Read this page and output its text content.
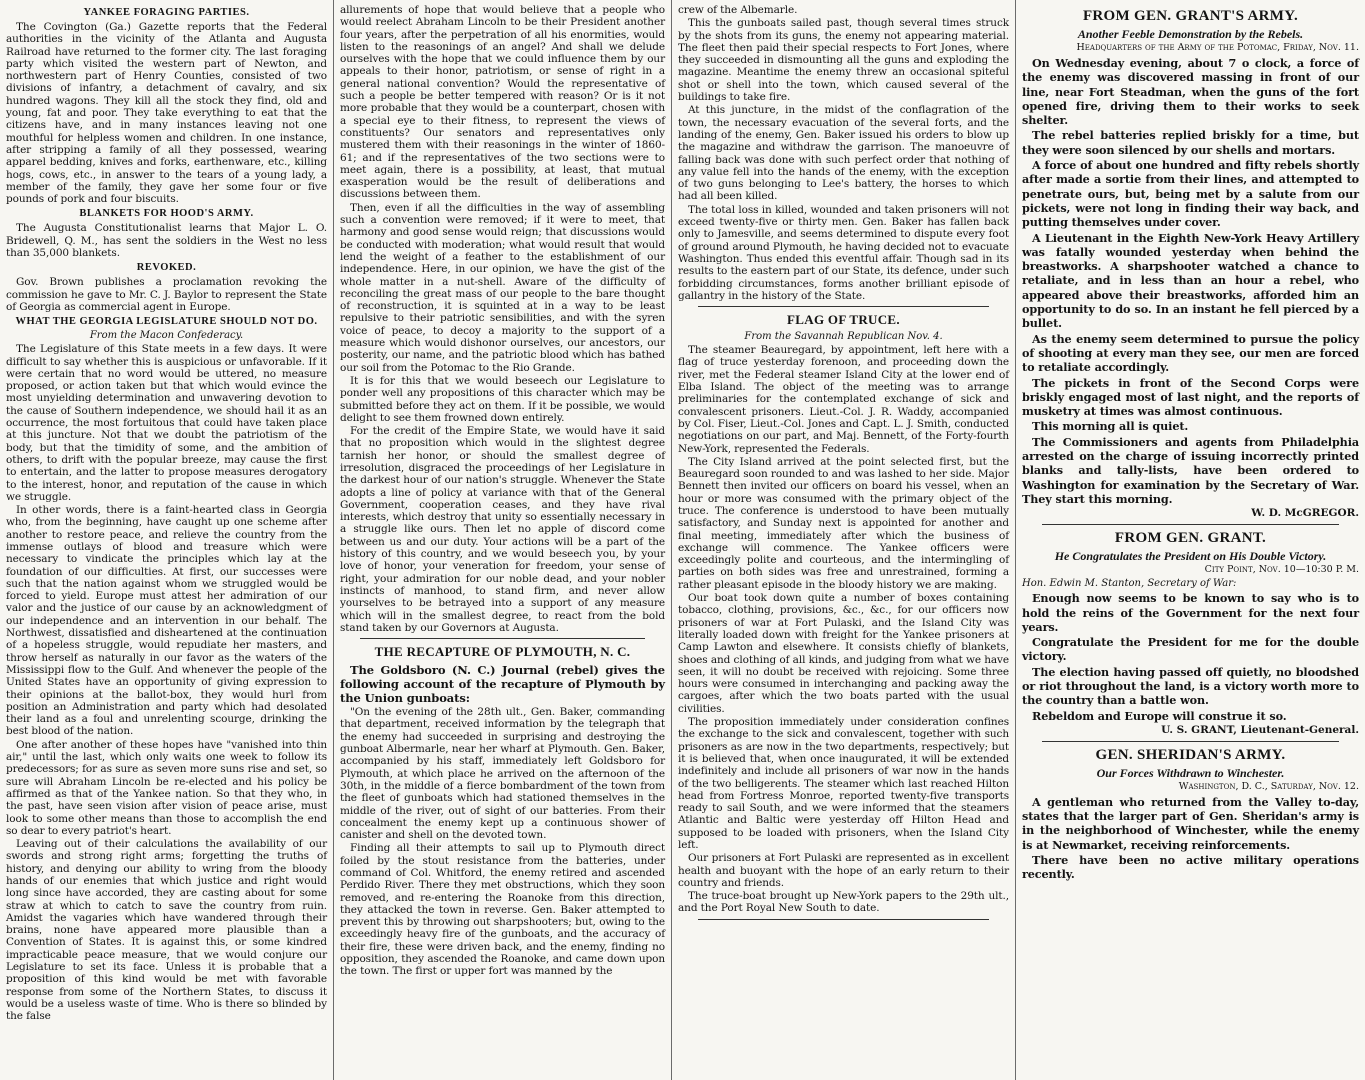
YANKEE FORAGING PARTIES.

The Covington (Ga.) Gazette reports that the Federal authorities in the vicinity of the Atlanta and Augusta Railroad have returned to the former city. The last foraging party which visited the western part of Newton, and northwestern part of Henry Counties, consisted of two divisions of infantry, a detachment of cavalry, and six hundred wagons. They kill all the stock they find, old and young, fat and poor. They take everything to eat that the citizens have, and in many instances leaving not one mouthful for helpless women and children. In one instance, after stripping a family of all they possessed, wearing apparel bedding, knives and forks, earthenware, etc., killing hogs, cows, etc., in answer to the tears of a young lady, a member of the family, they gave her some four or five pounds of pork and four biscuits.

BLANKETS FOR HOOD'S ARMY.

The Augusta Constitutionalist learns that Major L. O. Bridewell, Q. M., has sent the soldiers in the West no less than 35,000 blankets.

REVOKED.

Gov. Brown publishes a proclamation revoking the commission he gave to Mr. C. J. Baylor to represent the State of Georgia as commercial agent in Europe.

WHAT THE GEORGIA LEGISLATURE SHOULD NOT DO.
From the Macon Confederacy.

The Legislature of this State meets in a few days. It were difficult to say whether this is auspicious or unfavorable. If it were certain that no word would be uttered, no measure proposed, or action taken but that which would evince the most unyielding determination and unwavering devotion to the cause of Southern independence, we should hail it as an occurrence, the most fortuitous that could have taken place at this juncture. Not that we doubt the patriotism of the body, but that the timidity of some, and the ambition of others, to drift with the popular breeze, may cause the first to entertain, and the latter to propose measures derogatory to the interest, honor, and reputation of the cause in which we struggle.

In other words, there is a faint-hearted class in Georgia who, from the beginning, have caught up one scheme after another to restore peace, and relieve the country from the immense outlays of blood and treasure which were necessary to vindicate the principles which lay at the foundation of our difficulties. At first, our successes were such that the nation against whom we struggled would be forced to yield. Europe must attest her admiration of our valor and the justice of our cause by an acknowledgment of our independence and an intervention in our behalf. The Northwest, dissatisfied and disheartened at the continuation of a hopeless struggle, would repudiate her masters, and throw herself as naturally in our favor as the waters of the Mississippi flow to the Gulf. And whenever the people of the United States have an opportunity of giving expression to their opinions at the ballot-box, they would hurl from position an Administration and party which had desolated their land as a foul and unrelenting scourge, drinking the best blood of the nation.

One after another of these hopes have "vanished into thin air," until the last, which only waits one week to follow its predecessors; for as sure as seven more suns rise and set, so sure will Abraham Lincoln be re-elected and his policy be affirmed as that of the Yankee nation. So that they who, in the past, have seen vision after vision of peace arise, must look to some other means than those to accomplish the end so dear to every patriot's heart.

Leaving out of their calculations the availability of our swords and strong right arms; forgetting the truths of history, and denying our ability to wring from the bloody hands of our enemies that which justice and right would long since have accorded, they are casting about for some straw at which to catch to save the country from ruin. Amidst the vagaries which have wandered through their brains, none have appeared more plausible than a Convention of States. It is against this, or some kindred impracticable peace measure, that we would conjure our Legislature to set its face. Unless it is probable that a proposition of this kind would be met with favorable response from some of the Northern States, to discuss it would be a useless waste of time. Who is there so blinded by the false

allurements of hope that would believe that a people who would reelect Abraham Lincoln to be their President another four years, after the perpetration of all his enormities, would listen to the reasonings of an angel? And shall we delude ourselves with the hope that we could influence them by our appeals to their honor, patriotism, or sense of right in a general national convention? Would the representative of such a people be better tempered with reason? Or is it not more probable that they would be a counterpart, chosen with a special eye to their fitness, to represent the views of constituents? Our senators and representatives only mustered them with their reasonings in the winter of 1860-61; and if the representatives of the two sections were to meet again, there is a possibility, at least, that mutual exasperation would be the result of deliberations and discussions between them.

Then, even if all the difficulties in the way of assembling such a convention were removed; if it were to meet, that harmony and good sense would reign; that discussions would be conducted with moderation; what would result that would lend the weight of a feather to the establishment of our independence. Here, in our opinion, we have the gist of the whole matter in a nut-shell. Aware of the difficulty of reconciling the great mass of our people to the bare thought of reconstruction, it is squinted at in a way to be least repulsive to their patriotic sensibilities, and with the syren voice of peace, to decoy a majority to the support of a measure which would dishonor ourselves, our ancestors, our posterity, our name, and the patriotic blood which has bathed our soil from the Potomac to the Rio Grande.

It is for this that we would beseech our Legislature to ponder well any propositions of this character which may be submitted before they act on them. If it be possible, we would delight to see them frowned down entirely.

For the credit of the Empire State, we would have it said that no proposition which would in the slightest degree tarnish her honor, or should the smallest degree of irresolution, disgraced the proceedings of her Legislature in the darkest hour of our nation's struggle. Whenever the State adopts a line of policy at variance with that of the General Government, cooperation ceases, and they have rival interests, which destroy that unity so essentially necessary in a struggle like ours. Then let no apple of discord come between us and our duty. Your actions will be a part of the history of this country, and we would beseech you, by your love of honor, your veneration for freedom, your sense of right, your admiration for our noble dead, and your nobler instincts of manhood, to stand firm, and never allow yourselves to be betrayed into a support of any measure which will in the smallest degree, to react from the bold stand taken by our Governors at Augusta.

THE RECAPTURE OF PLYMOUTH, N. C.

The Goldsboro (N. C.) Journal (rebel) gives the following account of the recapture of Plymouth by the Union gunboats:

"On the evening of the 28th ult., Gen. Baker, commanding that department, received information by the telegraph that the enemy had succeeded in surprising and destroying the gunboat Albermarle, near her wharf at Plymouth. Gen. Baker, accompanied by his staff, immediately left Goldsboro for Plymouth, at which place he arrived on the afternoon of the 30th, in the middle of a fierce bombardment of the town from the fleet of gunboats which had stationed themselves in the middle of the river, out of sight of our batteries. From their concealment the enemy kept up a continuous shower of canister and shell on the devoted town.

Finding all their attempts to sail up to Plymouth direct foiled by the stout resistance from the batteries, under command of Col. Whitford, the enemy retired and ascended Perdido River. There they met obstructions, which they soon removed, and re-entering the Roanoke from this direction, they attacked the town in reverse. Gen. Baker attempted to prevent this by throwing out sharpshooters; but, owing to the exceedingly heavy fire of the gunboats, and the accuracy of their fire, these were driven back, and the enemy, finding no opposition, they ascended the Roanoke, and came down upon the town. The first or upper fort was manned by the

crew of the Albemarle.

This the gunboats sailed past, though several times struck by the shots from its guns, the enemy not appearing material. The fleet then paid their special respects to Fort Jones, where they succeeded in dismounting all the guns and exploding the magazine. Meantime the enemy threw an occasional spiteful shot or shell into the town, which caused several of the buildings to take fire.

At this juncture, in the midst of the conflagration of the town, the necessary evacuation of the several forts, and the landing of the enemy, Gen. Baker issued his orders to blow up the magazine and withdraw the garrison. The manoeuvre of falling back was done with such perfect order that nothing of any value fell into the hands of the enemy, with the exception of two guns belonging to Lee's battery, the horses to which had all been killed.

The total loss in killed, wounded and taken prisoners will not exceed twenty-five or thirty men. Gen. Baker has fallen back only to Jamesville, and seems determined to dispute every foot of ground around Plymouth, he having decided not to evacuate Washington. Thus ended this eventful affair. Though sad in its results to the eastern part of our State, its defence, under such forbidding circumstances, forms another brilliant episode of gallantry in the history of the State.

FLAG OF TRUCE.
From the Savannah Republican Nov. 4.

The steamer Beauregard, by appointment, left here with a flag of truce yesterday forenoon, and proceeding down the river, met the Federal steamer Island City at the lower end of Elba Island. The object of the meeting was to arrange preliminaries for the contemplated exchange of sick and convalescent prisoners. Lieut.-Col. J. R. Waddy, accompanied by Col. Fiser, Lieut.-Col. Jones and Capt. L. J. Smith, conducted negotiations on our part, and Maj. Bennett, of the Forty-fourth New-York, represented the Federals.

The City Island arrived at the point selected first, but the Beauregard soon rounded to and was lashed to her side. Major Bennett then invited our officers on board his vessel, when an hour or more was consumed with the primary object of the truce. The conference is understood to have been mutually satisfactory, and Sunday next is appointed for another and final meeting, immediately after which the business of exchange will commence. The Yankee officers were exceedingly polite and courteous, and the intermingling of parties on both sides was free and unrestrained, forming a rather pleasant episode in the bloody history we are making.

Our boat took down quite a number of boxes containing tobacco, clothing, provisions, &c., &c., for our officers now prisoners of war at Fort Pulaski, and the Island City was literally loaded down with freight for the Yankee prisoners at Camp Lawton and elsewhere. It consists chiefly of blankets, shoes and clothing of all kinds, and judging from what we have seen, it will no doubt be received with rejoicing. Some three hours were consumed in interchanging and packing away the cargoes, after which the two boats parted with the usual civilities.

The proposition immediately under consideration confines the exchange to the sick and convalescent, together with such prisoners as are now in the two departments, respectively; but it is believed that, when once inaugurated, it will be extended indefinitely and include all prisoners of war now in the hands of the two belligerents. The steamer which last reached Hilton head from Fortress Monroe, reported twenty-five transports ready to sail South, and we were informed that the steamers Atlantic and Baltic were yesterday off Hilton Head and supposed to be loaded with prisoners, when the Island City left.

Our prisoners at Fort Pulaski are represented as in excellent health and buoyant with the hope of an early return to their country and friends.

The truce-boat brought up New-York papers to the 29th ult., and the Port Royal New South to date.

FROM GEN. GRANT'S ARMY.
Another Feeble Demonstration by the Rebels.
Headquarters of the Army of the Potomac, Friday, Nov. 11.

On Wednesday evening, about 7 o clock, a force of the enemy was discovered massing in front of our line, near Fort Steadman, when the guns of the fort opened fire, driving them to their works to seek shelter.

The rebel batteries replied briskly for a time, but they were soon silenced by our shells and mortars.

A force of about one hundred and fifty rebels shortly after made a sortie from their lines, and attempted to penetrate ours, but, being met by a salute from our pickets, were not long in finding their way back, and putting themselves under cover.

A Lieutenant in the Eighth New-York Heavy Artillery was fatally wounded yesterday when behind the breastworks. A sharpshooter watched a chance to retaliate, and in less than an hour a rebel, who appeared above their breastworks, afforded him an opportunity to do so. In an instant he fell pierced by a bullet.

As the enemy seem determined to pursue the policy of shooting at every man they see, our men are forced to retaliate accordingly.

The pickets in front of the Second Corps were briskly engaged most of last night, and the reports of musketry at times was almost continuous.

This morning all is quiet.

The Commissioners and agents from Philadelphia arrested on the charge of issuing incorrectly printed blanks and tally-lists, have been ordered to Washington for examination by the Secretary of War. They start this morning.

W. D. McGREGOR.
FROM GEN. GRANT.
He Congratulates the President on His Double Victory.
City Point, Nov. 10—10:30 P. M.
Hon. Edwin M. Stanton, Secretary of War:

Enough now seems to be known to say who is to hold the reins of the Government for the next four years.

Congratulate the President for me for the double victory.

The election having passed off quietly, no bloodshed or riot throughout the land, is a victory worth more to the country than a battle won.

Rebeldom and Europe will construe it so.

U. S. GRANT, Lieutenant-General.
GEN. SHERIDAN'S ARMY.
Our Forces Withdrawn to Winchester.
Washington, D. C., Saturday, Nov. 12.

A gentleman who returned from the Valley to-day, states that the larger part of Gen. Sheridan's army is in the neighborhood of Winchester, while the enemy is at Newmarket, receiving reinforcements.

There have been no active military operations recently.
